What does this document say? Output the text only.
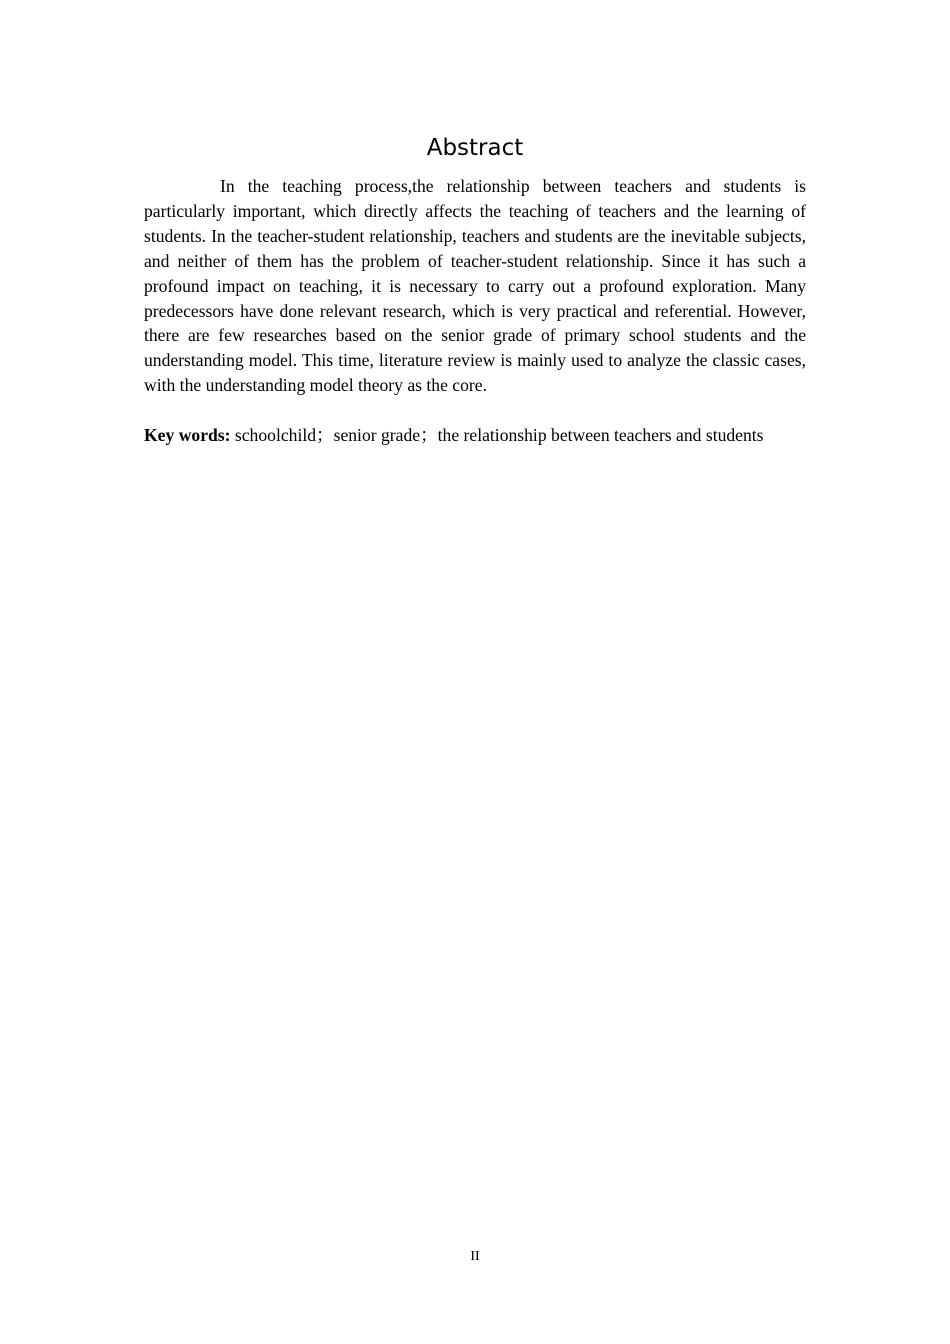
Abstract

In the teaching process,the relationship between teachers and students is particularly important, which directly affects the teaching of teachers and the learning of students. In the teacher-student relationship, teachers and students are the inevitable subjects, and neither of them has the problem of teacher-student relationship. Since it has such a profound impact on teaching, it is necessary to carry out a profound exploration. Many predecessors have done relevant research, which is very practical and referential. However, there are few researches based on the senior grade of primary school students and the understanding model. This time, literature review is mainly used to analyze the classic cases, with the understanding model theory as the core.

Key words: schoolchild；senior grade；the relationship between teachers and students

II
